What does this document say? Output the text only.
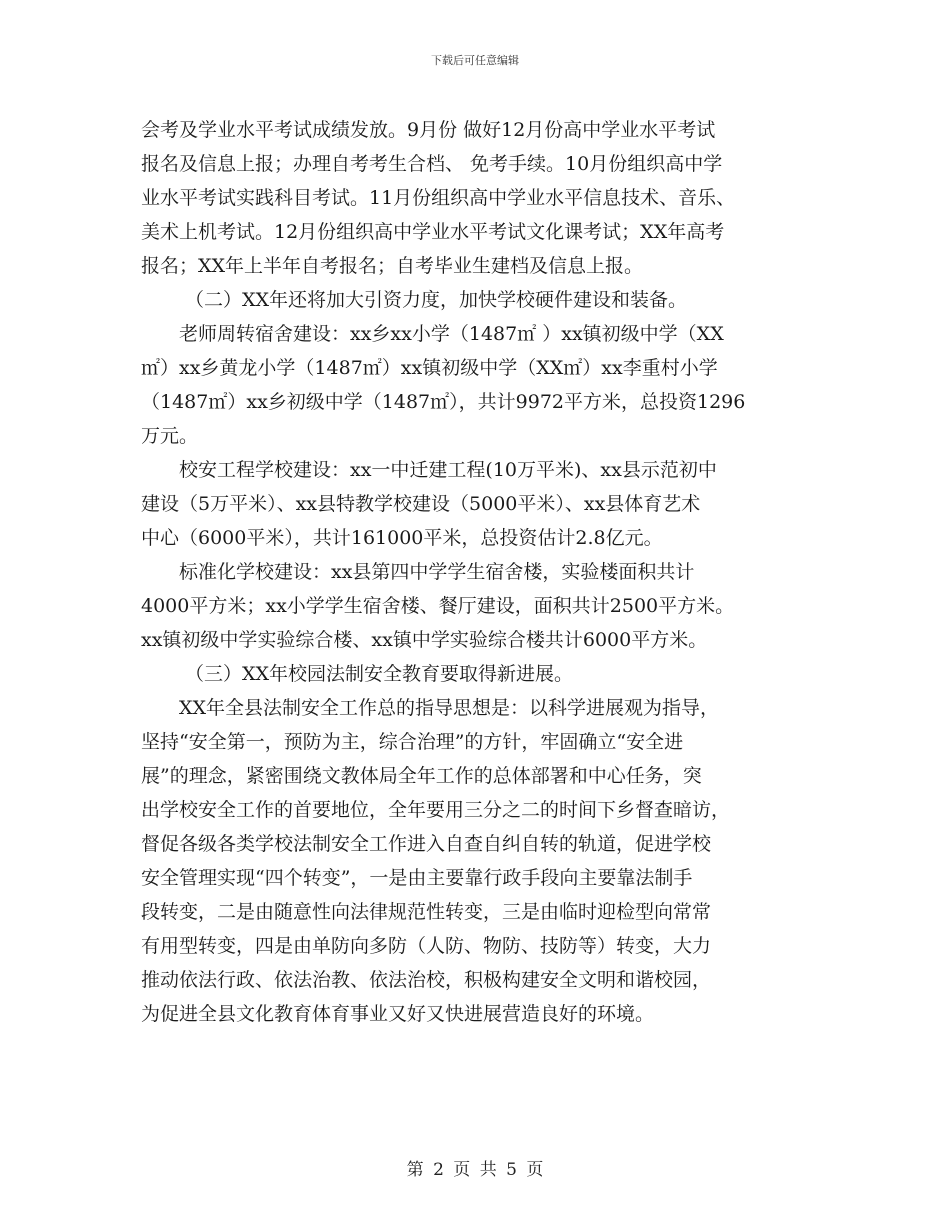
下载后可任意编辑
会考及学业水平考试成绩发放。9月份 做好12月份高中学业水平考试
报名及信息上报；办理自考考生合档、 免考手续。10月份组织高中学
业水平考试实践科目考试。11月份组织高中学业水平信息技术、音乐、
美术上机考试。12月份组织高中学业水平考试文化课考试；XX年高考
报名；XX年上半年自考报名；自考毕业生建档及信息上报。
（二）XX年还将加大引资力度，加快学校硬件建设和装备。
老师周转宿舍建设：xx乡xx小学（1487㎡ ）xx镇初级中学（XX
㎡）xx乡黄龙小学（1487㎡）xx镇初级中学（XX㎡）xx李重村小学
（1487㎡）xx乡初级中学（1487㎡），共计9972平方米，总投资1296
万元。
校安工程学校建设：xx一中迁建工程(10万平米)、xx县示范初中
建设（5万平米）、xx县特教学校建设（5000平米）、xx县体育艺术
中心（6000平米），共计161000平米，总投资估计2.8亿元。
标准化学校建设：xx县第四中学学生宿舍楼，实验楼面积共计
4000平方米；xx小学学生宿舍楼、餐厅建设，面积共计2500平方米。
xx镇初级中学实验综合楼、xx镇中学实验综合楼共计6000平方米。
（三）XX年校园法制安全教育要取得新进展。
XX年全县法制安全工作总的指导思想是：以科学进展观为指导，
坚持“安全第一，预防为主，综合治理”的方针，牢固确立“安全进
展”的理念，紧密围绕文教体局全年工作的总体部署和中心任务，突
出学校安全工作的首要地位，全年要用三分之二的时间下乡督查暗访，
督促各级各类学校法制安全工作进入自查自纠自转的轨道，促进学校
安全管理实现“四个转变”，一是由主要靠行政手段向主要靠法制手
段转变，二是由随意性向法律规范性转变，三是由临时迎检型向常常
有用型转变，四是由单防向多防（人防、物防、技防等）转变，大力
推动依法行政、依法治教、依法治校，积极构建安全文明和谐校园，
为促进全县文化教育体育事业又好又快进展营造良好的环境。
第 2 页 共 5 页
